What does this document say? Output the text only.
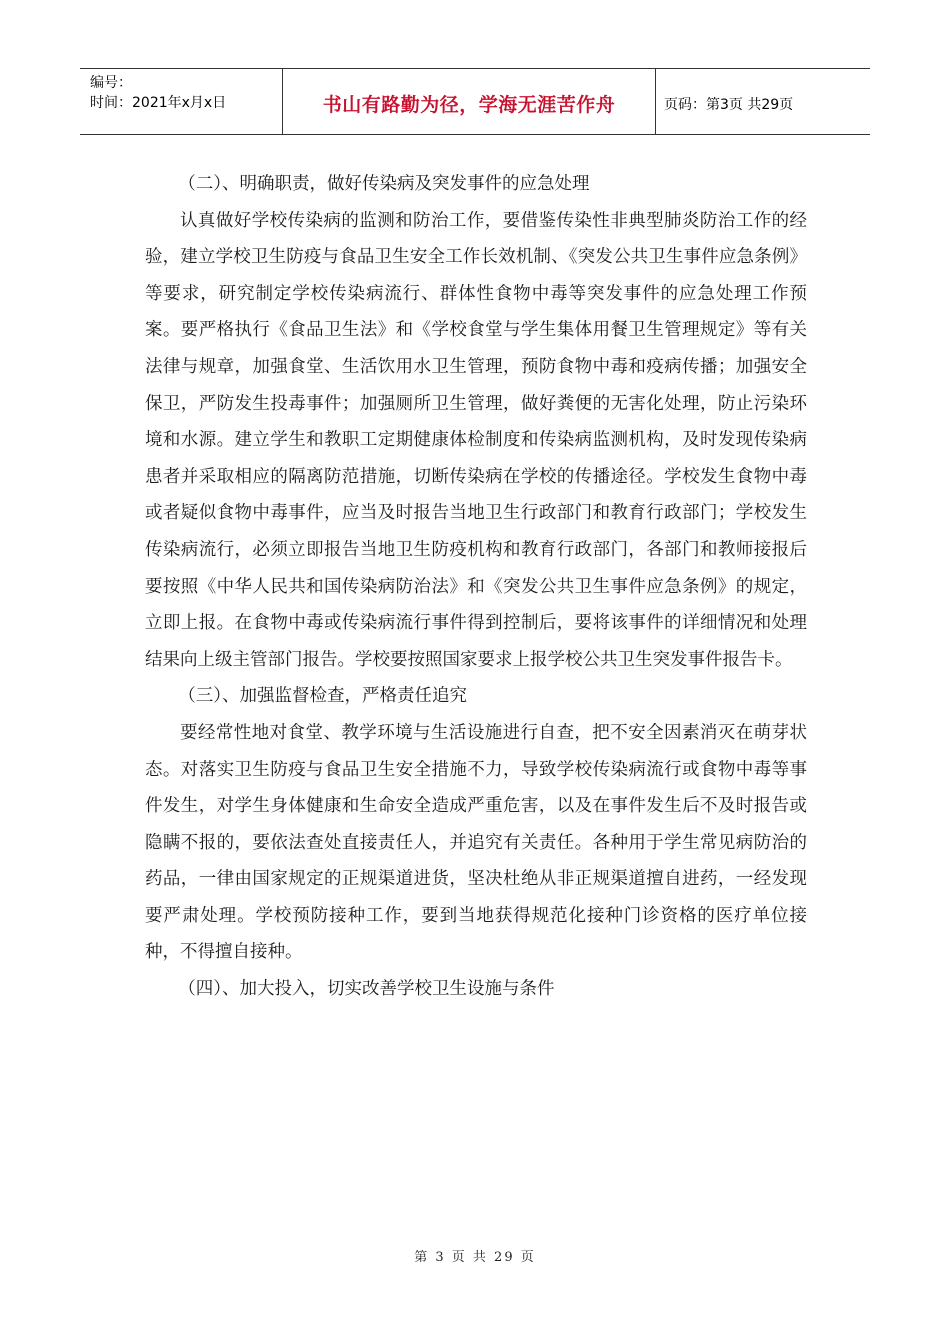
编号：
时间：2021年x月x日	书山有路勤为径，学海无涯苦作舟	页码：第3页 共29页

（二）、明确职责，做好传染病及突发事件的应急处理

认真做好学校传染病的监测和防治工作，要借鉴传染性非典型肺炎防治工作的经验，建立学校卫生防疫与食品卫生安全工作长效机制、《突发公共卫生事件应急条例》等要求，研究制定学校传染病流行、群体性食物中毒等突发事件的应急处理工作预案。要严格执行《食品卫生法》和《学校食堂与学生集体用餐卫生管理规定》等有关法律与规章，加强食堂、生活饮用水卫生管理，预防食物中毒和疫病传播；加强安全保卫，严防发生投毒事件；加强厕所卫生管理，做好粪便的无害化处理，防止污染环境和水源。建立学生和教职工定期健康体检制度和传染病监测机构，及时发现传染病患者并采取相应的隔离防范措施，切断传染病在学校的传播途径。学校发生食物中毒或者疑似食物中毒事件，应当及时报告当地卫生行政部门和教育行政部门；学校发生传染病流行，必须立即报告当地卫生防疫机构和教育行政部门，各部门和教师接报后要按照《中华人民共和国传染病防治法》和《突发公共卫生事件应急条例》的规定，立即上报。在食物中毒或传染病流行事件得到控制后，要将该事件的详细情况和处理结果向上级主管部门报告。学校要按照国家要求上报学校公共卫生突发事件报告卡。

（三）、加强监督检查，严格责任追究

要经常性地对食堂、教学环境与生活设施进行自查，把不安全因素消灭在萌芽状态。对落实卫生防疫与食品卫生安全措施不力，导致学校传染病流行或食物中毒等事件发生，对学生身体健康和生命安全造成严重危害，以及在事件发生后不及时报告或隐瞒不报的，要依法查处直接责任人，并追究有关责任。各种用于学生常见病防治的药品，一律由国家规定的正规渠道进货，坚决杜绝从非正规渠道擅自进药，一经发现要严肃处理。学校预防接种工作，要到当地获得规范化接种门诊资格的医疗单位接种，不得擅自接种。

（四）、加大投入，切实改善学校卫生设施与条件

第 3 页 共 29 页
